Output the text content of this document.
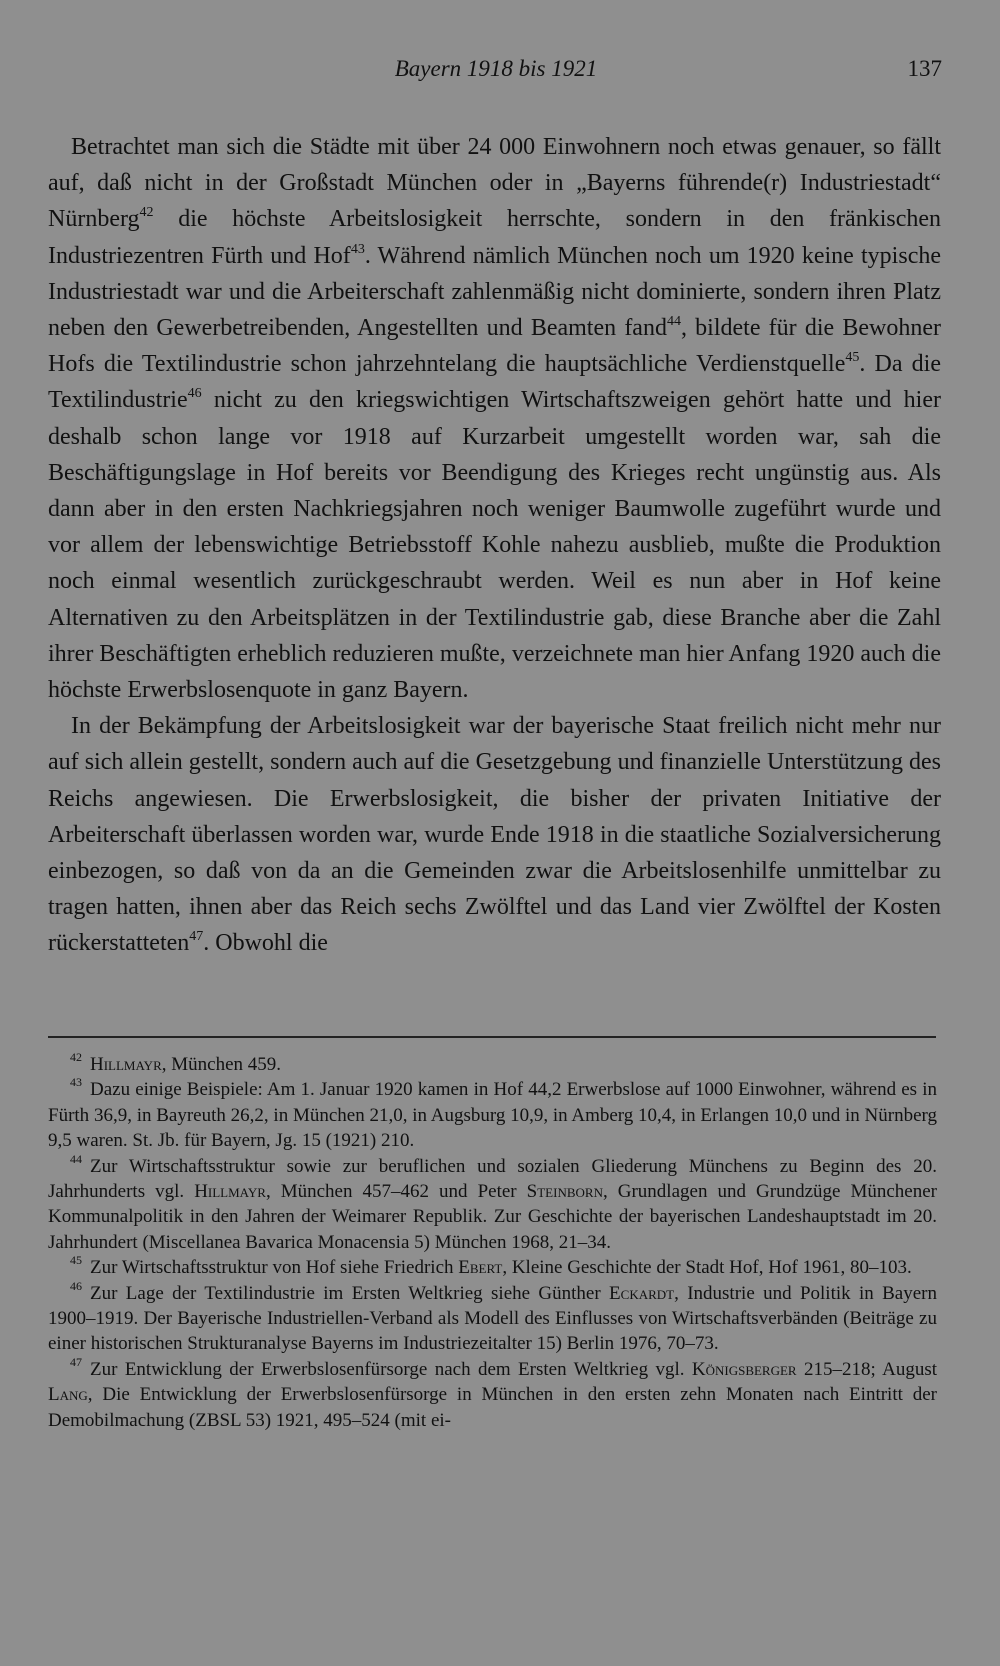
Bayern 1918 bis 1921	137

Betrachtet man sich die Städte mit über 24 000 Einwohnern noch etwas genauer, so fällt auf, daß nicht in der Großstadt München oder in „Bayerns führende(r) Industriestadt“ Nürnberg$^{42}$ die höchste Arbeitslosigkeit herrschte, sondern in den fränkischen Industriezentren Fürth und Hof$^{43}$. Während nämlich München noch um 1920 keine typische Industriestadt war und die Arbeiterschaft zahlenmäßig nicht dominierte, sondern ihren Platz neben den Gewerbetreibenden, Angestellten und Beamten fand$^{44}$, bildete für die Bewohner Hofs die Textilindustrie schon jahrzehntelang die hauptsächliche Verdienstquelle$^{45}$. Da die Textilindustrie$^{46}$ nicht zu den kriegswichtigen Wirtschaftszweigen gehört hatte und hier deshalb schon lange vor 1918 auf Kurzarbeit umgestellt worden war, sah die Beschäftigungslage in Hof bereits vor Beendigung des Krieges recht ungünstig aus. Als dann aber in den ersten Nachkriegsjahren noch weniger Baumwolle zugeführt wurde und vor allem der lebenswichtige Betriebsstoff Kohle nahezu ausblieb, mußte die Produktion noch einmal wesentlich zurückgeschraubt werden. Weil es nun aber in Hof keine Alternativen zu den Arbeitsplätzen in der Textilindustrie gab, diese Branche aber die Zahl ihrer Beschäftigten erheblich reduzieren mußte, verzeichnete man hier Anfang 1920 auch die höchste Erwerbslosenquote in ganz Bayern.

In der Bekämpfung der Arbeitslosigkeit war der bayerische Staat freilich nicht mehr nur auf sich allein gestellt, sondern auch auf die Gesetzgebung und finanzielle Unterstützung des Reichs angewiesen. Die Erwerbslosigkeit, die bisher der privaten Initiative der Arbeiterschaft überlassen worden war, wurde Ende 1918 in die staatliche Sozialversicherung einbezogen, so daß von da an die Gemeinden zwar die Arbeitslosenhilfe unmittelbar zu tragen hatten, ihnen aber das Reich sechs Zwölftel und das Land vier Zwölftel der Kosten rückerstatteten$^{47}$. Obwohl die

$^{42}$ Hillmayr, München 459.

$^{43}$ Dazu einige Beispiele: Am 1. Januar 1920 kamen in Hof 44,2 Erwerbslose auf 1000 Einwohner, während es in Fürth 36,9, in Bayreuth 26,2, in München 21,0, in Augsburg 10,9, in Amberg 10,4, in Erlangen 10,0 und in Nürnberg 9,5 waren. St. Jb. für Bayern, Jg. 15 (1921) 210.

$^{44}$ Zur Wirtschaftsstruktur sowie zur beruflichen und sozialen Gliederung Münchens zu Beginn des 20. Jahrhunderts vgl. Hillmayr, München 457–462 und Peter Steinborn, Grundlagen und Grundzüge Münchener Kommunalpolitik in den Jahren der Weimarer Republik. Zur Geschichte der bayerischen Landeshauptstadt im 20. Jahrhundert (Miscellanea Bavarica Monacensia 5) München 1968, 21–34.

$^{45}$ Zur Wirtschaftsstruktur von Hof siehe Friedrich Ebert, Kleine Geschichte der Stadt Hof, Hof 1961, 80–103.

$^{46}$ Zur Lage der Textilindustrie im Ersten Weltkrieg siehe Günther Eckardt, Industrie und Politik in Bayern 1900–1919. Der Bayerische Industriellen-Verband als Modell des Einflusses von Wirtschaftsverbänden (Beiträge zu einer historischen Strukturanalyse Bayerns im Industriezeitalter 15) Berlin 1976, 70–73.

$^{47}$ Zur Entwicklung der Erwerbslosenfürsorge nach dem Ersten Weltkrieg vgl. Königsberger 215–218; August Lang, Die Entwicklung der Erwerbslosenfürsorge in München in den ersten zehn Monaten nach Eintritt der Demobilmachung (ZBSL 53) 1921, 495–524 (mit ei-
